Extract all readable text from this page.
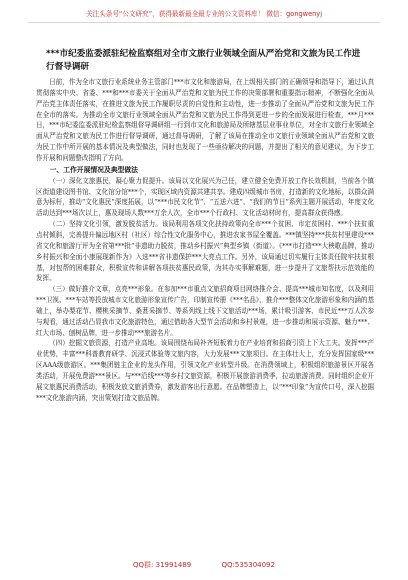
关注头条号“公文研究”，获得最新最全最专业的公文资料库！ 微信：gongwenyj
***市纪委监委派驻纪检监察组对全市文旅行业领域全面从严治党和文旅为民工作进行督导调研

日前，作为全市文旅行业系统业务主管部门***市文化和旅游局，在上级相关部门的正确领导和指导下，通过认真贯彻落实中央、省委、***和***市委关于全面从严治党和文旅为民工作的决策部署和重要指示精神，不断强化全面从严治党主体责任落实，在推进文旅为民工作履职尽责的自觉性和主动性，进一步推动了全面从严治党和文旅为民工作在全市的落实。为推动全市文旅行业领域全面从严治党和文旅为民工作得到更进一步的全面发展进行检查，***月***日，***市纪委监委派驻纪检监察组督导调研组一行到市文化和旅游局及所辖基层业事业单位，对全市文旅行业领域全面从严治党和文旅为民工作进行督导调研，通过督导调研，了解了该局在推动全市文旅行业领域全面从严治党和文旅为民工作中所开展的基本情况及典型做法，同时也发现了一些亟待解决的问题，并提出了相关的意见建议，为下步工作开展和问题整改指明了方向。

一、工作开展情况及典型做法

（一）深化文旅惠民，凝心聚力促提升。该局以文化展兴为己任，建立健全免费开放工作长效机制，当前各个镇区街道建设图书馆、文化馆分馆***个，实现区域内资源共建共享。建成四级城市书房，打造新的文化地标，以群众满意为标杆，推动“文化惠民”深度拓展，以“***市民文化节”、“五送六进”、“我们的节日”系列主题开展活动，年度文化活动达到***场次以上，惠及现场人数***万余人次，全市***个行政村、文化活动材时有，提高群众获得感。

（二）坚持文化引领，激发脱贫活力。该局利用各项文化扶持政策向全市***个贫困、市定贫困村、***个扶贫重点村倾斜，完善提升偏远地区村（社区）综合性文化服务中心，推进农家书屋全覆盖。***镇坚持***扶贫村里建设***省文化和旅游厅评为全省第***批“非遗助力脱贫，推动乡村振兴”典型乡镇（街道）。《***市打造***大秧歌品牌，推动乡村振兴和全面小康展现新作为》入选***省非遗保护***大亮点工作。另外，该局通过切实履行主体责任院牢扶贫根基，对包帮的困难群众，积极宣传和讲解各项扶贫惠民政策，为其办实事解难题，进一步提升了文旅帮扶示范效能的发挥。

（三）做好推介文章，点亮***形象。在参加***市重点文旅招商项目网络推介会、提高***城市知名度，以及利用***卫视、***车站等投放城市文化旅游形象宣传广告，印制宣传册《***名品》，推介***整体文化旅游形象和内涵的基础上，举办梨花节、樱桃采摘节、桑葚采摘节、等系列线上线下文旅活动***场，累计吸引游客、市民近***万人次参与观看，通过活动凸显我市文化旅游特色，通过借助各大型节会活动和乡村景观，进一步推动和展示资源、魅力***、红大市场、刨树品牌，进一步推动***旅游名片。

（四）挖掘文旅资源，打造产业高地。该局围绕布局补齐短板着力在产业培育和招商引资上下大工夫。发挥***产业优势，丰富***科普教育研学、沉浸式体验等文旅内容，大力发展***文旅项目。在主体壮大上，充分发挥国家级***区AAA级旅游区。***集团链主企业的龙头作用，引领文化产业转型升级。在消费领域上，积极组织旅游景区开展各类活动，开展免费游***景区。与***沿线***等乡村文旅资源，积极开展旅游消费季，拉动旅游消费。同时组织企业开展文旅惠民消费活动，积极发放文旅消费券，激发游客出行意愿。在品牌塑造上，以“***印象”为宣传口号，深入挖掘***文化旅游内涵，突出策划打造文旅品牌。

QQ群: 31991489	QQ:535304092
